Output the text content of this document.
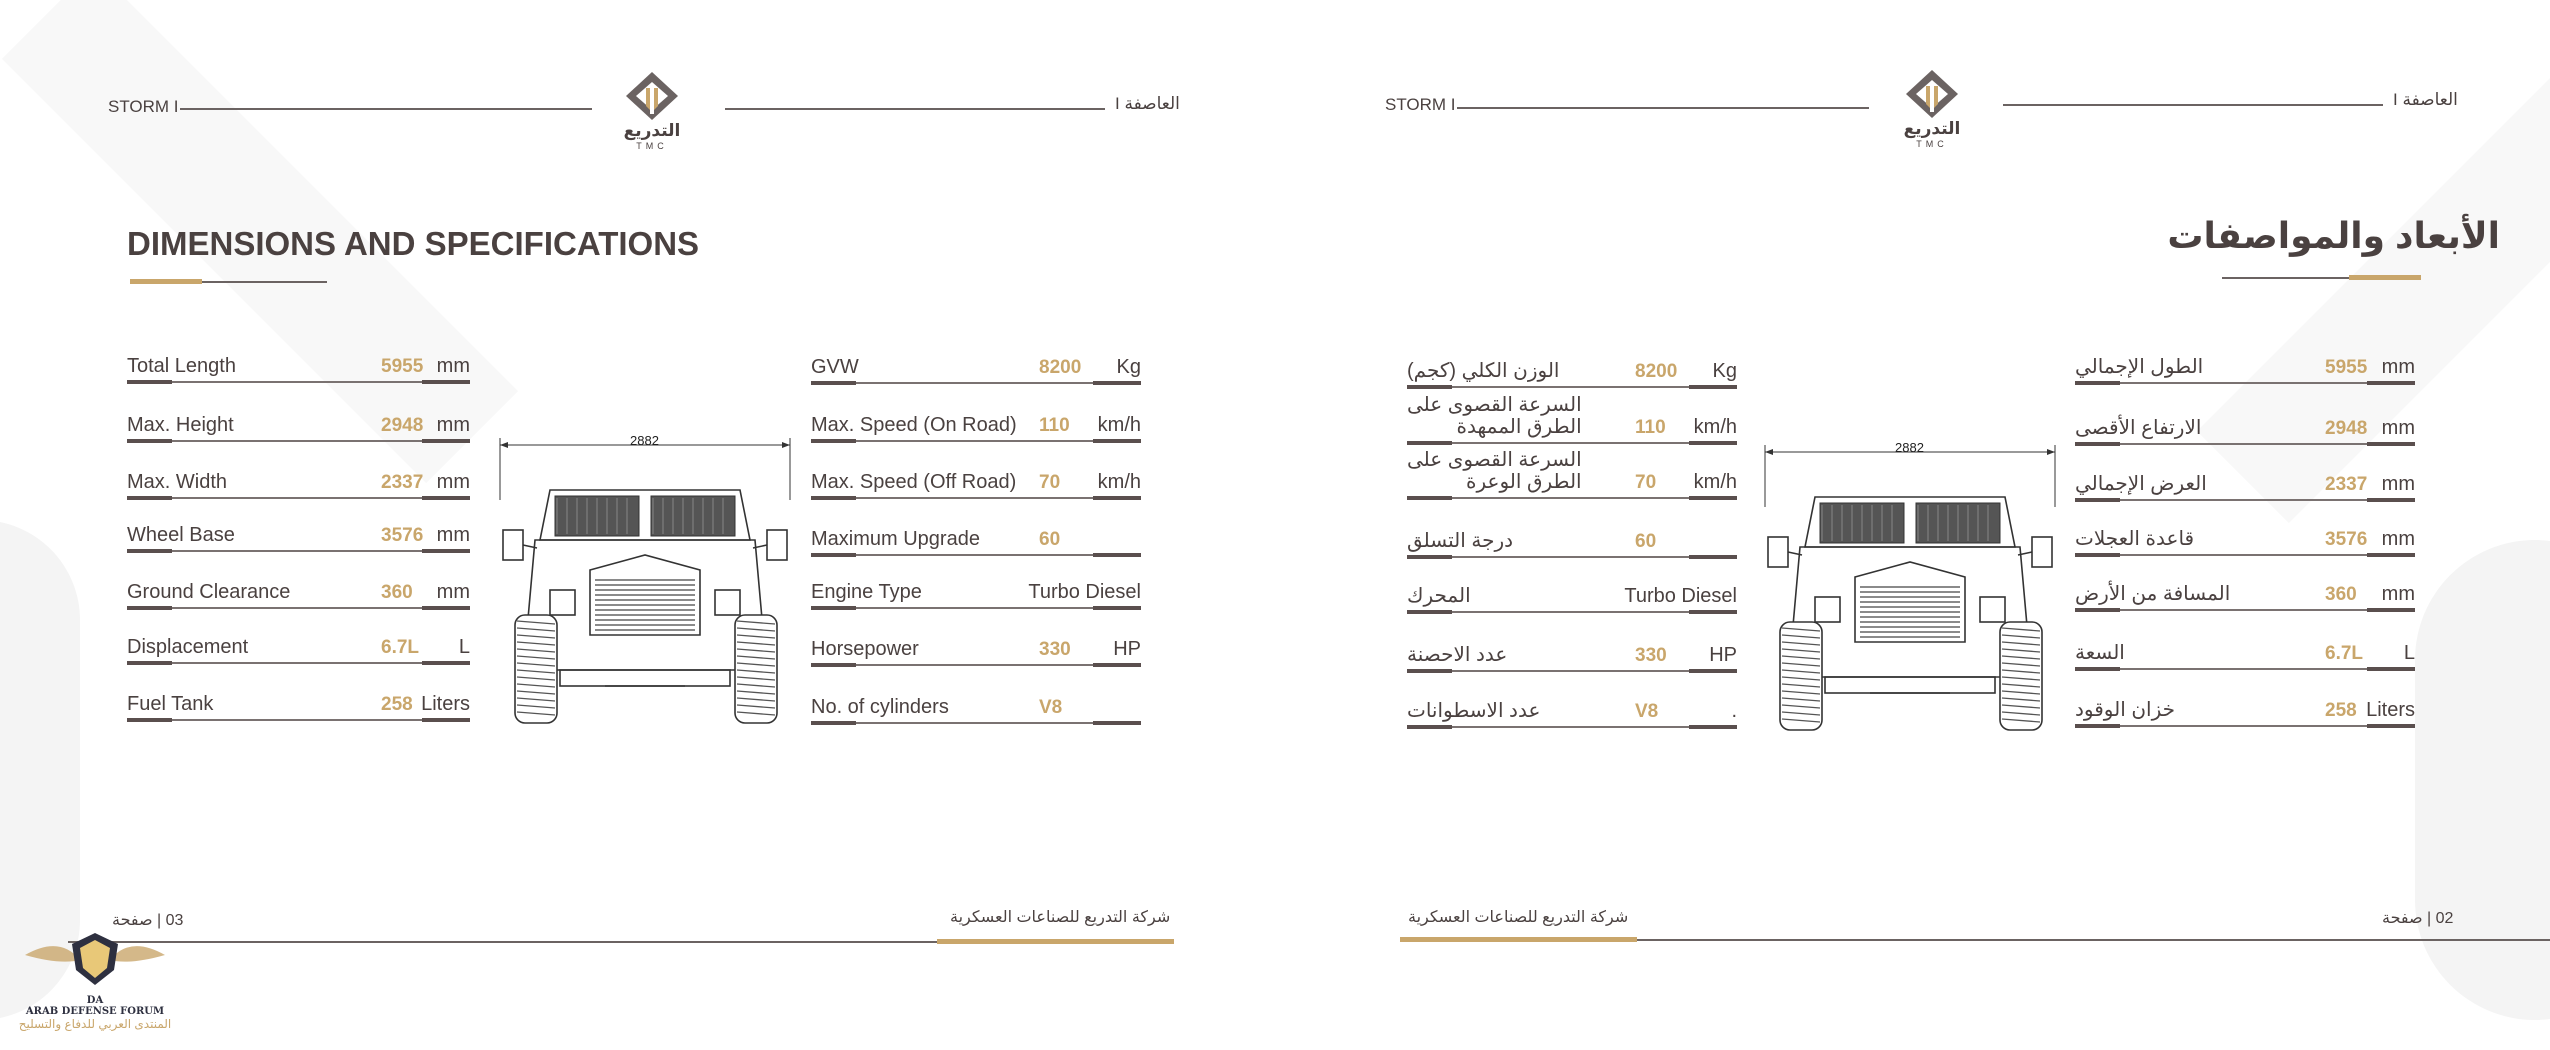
STORM I
التدريع
TMC
العاصفة I
DIMENSIONS AND SPECIFICATIONS
Total Length	5955 mm
Max. Height	2948 mm
Max. Width	2337 mm
Wheel Base	3576 mm
Ground Clearance	360 mm
Displacement	6.7L L
Fuel Tank	258 Liters
GVW	8200 Kg
Max. Speed (On Road) 110 km/h
Max. Speed (Off Road) 70 km/h
Maximum Upgrade	60
Engine Type	Turbo Diesel
Horsepower	330 HP
No. of cylinders	V8
2882
03 | صفحة	شركة التدريع للصناعات العسكرية
DA
ARAB DEFENSE FORUM
المنتدى العربي للدفاع والتسليح
STORM I
التدريع
TMC
العاصفة I
الأبعاد والمواصفات
الوزن الكلي (كجم)	8200 Kg
السرعة القصوى على
الطرق الممهدة	110 km/h
السرعة القصوى على
الطرق الوعرة	70 km/h
درجة التسلق	60
المحرك	Turbo Diesel
عدد الاحصنة	330 HP
عدد الاسطوانات	V8	.
الطول الإجمالي	5955 mm
الارتفاع الأقصى	2948 mm
العرض الإجمالي	2337 mm
قاعدة العجلات	3576 mm
المسافة من الأرض	360 mm
السعة	6.7L L
خزان الوقود	258 Liters
2882
شركة التدريع للصناعات العسكرية	02 | صفحة
